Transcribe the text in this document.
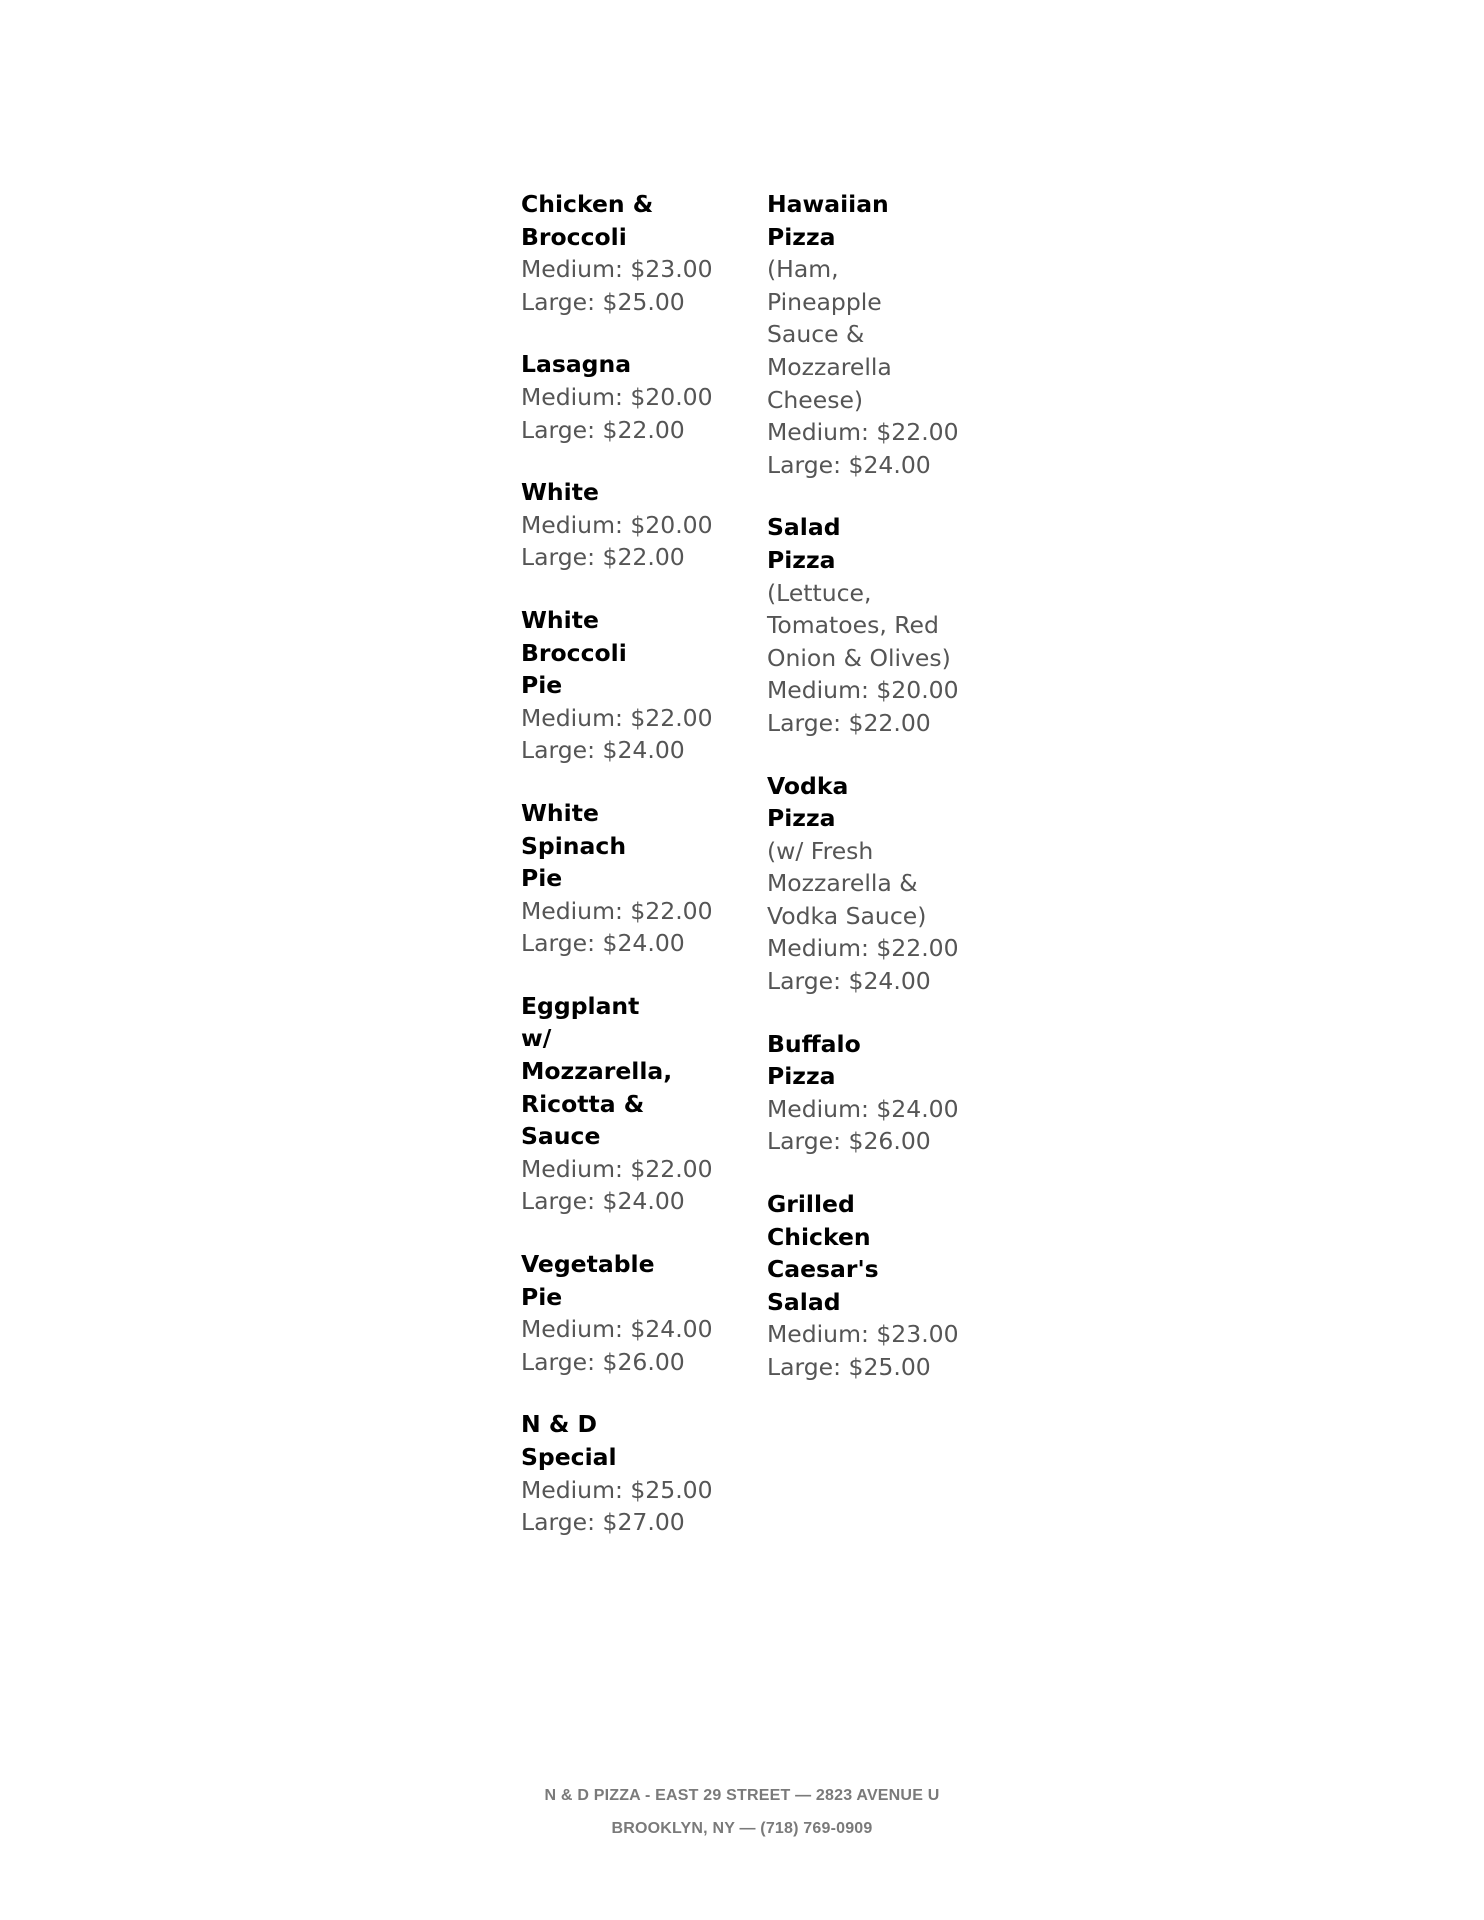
Chicken &
Broccoli
Medium: $23.00
Large: $25.00
Lasagna
Medium: $20.00
Large: $22.00
White
Medium: $20.00
Large: $22.00
White
Broccoli
Pie
Medium: $22.00
Large: $24.00
White
Spinach
Pie
Medium: $22.00
Large: $24.00
Eggplant
w/
Mozzarella,
Ricotta &
Sauce
Medium: $22.00
Large: $24.00
Vegetable
Pie
Medium: $24.00
Large: $26.00
N & D
Special
Medium: $25.00
Large: $27.00
Hawaiian
Pizza
(Ham,
Pineapple
Sauce &
Mozzarella
Cheese)
Medium: $22.00
Large: $24.00
Salad
Pizza
(Lettuce,
Tomatoes, Red
Onion & Olives)
Medium: $20.00
Large: $22.00
Vodka
Pizza
(w/ Fresh
Mozzarella &
Vodka Sauce)
Medium: $22.00
Large: $24.00
Buffalo
Pizza
Medium: $24.00
Large: $26.00
Grilled
Chicken
Caesar's
Salad
Medium: $23.00
Large: $25.00
N & D PIZZA - EAST 29 STREET — 2823 AVENUE U
BROOKLYN, NY — (718) 769-0909
